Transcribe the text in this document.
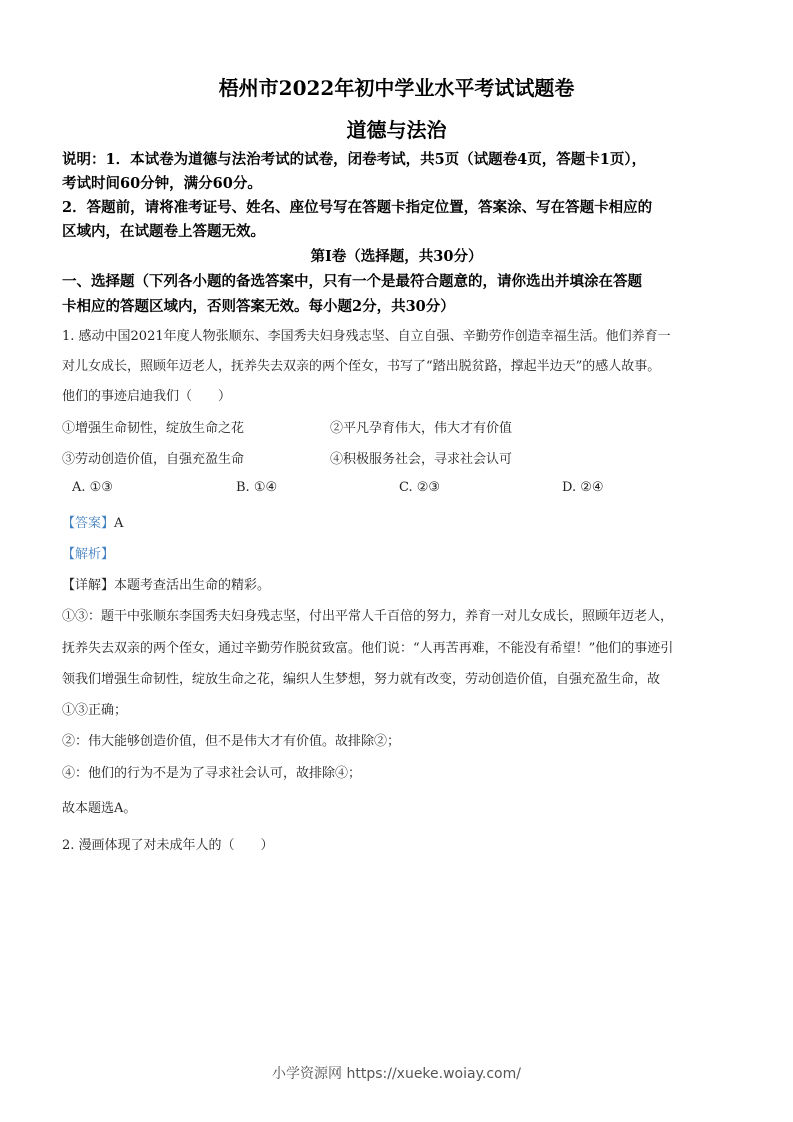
梧州市2022年初中学业水平考试试题卷
道德与法治
说明：1．本试卷为道德与法治考试的试卷，闭卷考试，共5页（试题卷4页，答题卡1页），
考试时间60分钟，满分60分。
2．答题前，请将准考证号、姓名、座位号写在答题卡指定位置，答案涂、写在答题卡相应的
区域内，在试题卷上答题无效。
第I卷（选择题，共30分）
一、选择题（下列各小题的备选答案中，只有一个是最符合题意的，请你选出并填涂在答题
卡相应的答题区域内，否则答案无效。每小题2分，共30分）
1. 感动中国2021年度人物张顺东、李国秀夫妇身残志坚、自立自强、辛勤劳作创造幸福生活。他们养育一
对儿女成长，照顾年迈老人，抚养失去双亲的两个侄女，书写了“踏出脱贫路，撑起半边天”的感人故事。
他们的事迹启迪我们（　　）
①增强生命韧性，绽放生命之花	②平凡孕育伟大，伟大才有价值
③劳动创造价值，自强充盈生命	④积极服务社会，寻求社会认可
A. ①③	B. ①④	C. ②③	D. ②④
【答案】A
【解析】
【详解】本题考查活出生命的精彩。
①③：题干中张顺东李国秀夫妇身残志坚，付出平常人千百倍的努力，养育一对儿女成长，照顾年迈老人，
抚养失去双亲的两个侄女，通过辛勤劳作脱贫致富。他们说：“人再苦再难，不能没有希望！”他们的事迹引
领我们增强生命韧性，绽放生命之花，编织人生梦想，努力就有改变，劳动创造价值，自强充盈生命，故
①③正确；
②：伟大能够创造价值，但不是伟大才有价值。故排除②；
④：他们的行为不是为了寻求社会认可，故排除④；
故本题选A。
2. 漫画体现了对未成年人的（　　）
小学资源网 https://xueke.woiay.com/
